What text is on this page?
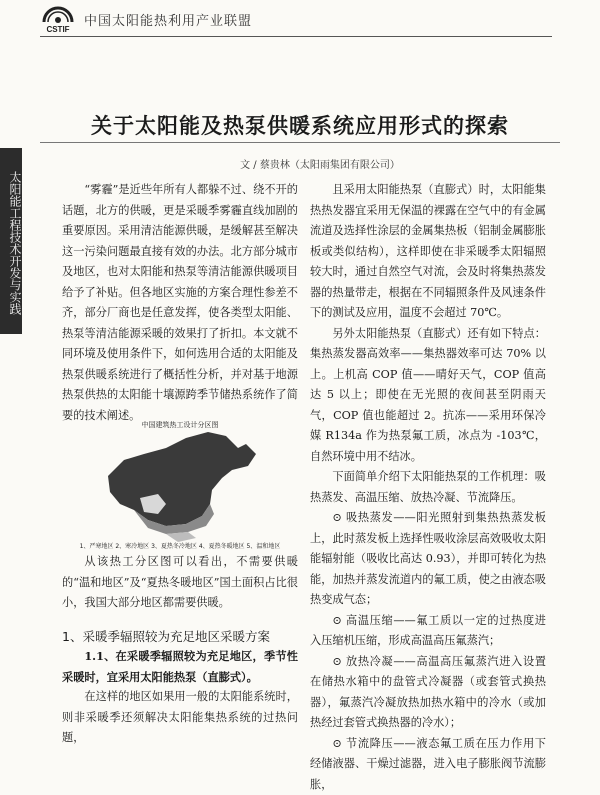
CSTIF
中国太阳能热利用产业联盟
太阳能工程技术开发与实践
关于太阳能及热泵供暖系统应用形式的探索
文 / 蔡贵林（太阳雨集团有限公司）

“雾霾”是近些年所有人都躲不过、绕不开的话题，北方的供暖，更是采暖季雾霾直线加剧的重要原因。采用清洁能源供暖，是缓解甚至解决这一污染问题最直接有效的办法。北方部分城市及地区，也对太阳能和热泵等清洁能源供暖项目给予了补贴。但各地区实施的方案合理性参差不齐，部分厂商也是任意发挥，使各类型太阳能、热泵等清洁能源采暖的效果打了折扣。本文就不同环境及使用条件下，如何选用合适的太阳能及热泵供暖系统进行了概括性分析，并对基于地源热泵供热的太阳能十壤源跨季节储热系统作了简要的技术阐述。

中国建筑热工设计分区图
1、严寒地区 2、寒冷地区 3、夏热冬冷地区 4、夏热冬暖地区 5、温和地区

从该热工分区图可以看出，不需要供暖的“温和地区”及“夏热冬暖地区”国土面积占比很小，我国大部分地区都需要供暖。

1、采暖季辐照较为充足地区采暖方案

1.1、在采暖季辐照较为充足地区，季节性采暖时，宜采用太阳能热泵（直膨式）。

在这样的地区如果用一般的太阳能系统时，则非采暖季还须解决太阳能集热系统的过热问题，

且采用太阳能热泵（直膨式）时，太阳能集热热发器宜采用无保温的裸露在空气中的有金属流道及选择性涂层的金属集热板（铝制金属膨胀板或类似结构），这样即使在非采暖季太阳辐照较大时，通过自然空气对流，会及时将集热蒸发器的热量带走，根据在不同辐照条件及风速条件下的测试及应用，温度不会超过 70℃。

另外太阳能热泵（直膨式）还有如下特点：集热蒸发器高效率——集热器效率可达 70% 以上。上机高 COP 值——晴好天气，COP 值高达 5 以上；即使在无光照的夜间甚至阴雨天气，COP 值也能超过 2。抗冻——采用环保冷媒 R134a 作为热泵氟工质，冰点为 -103℃，自然环境中用不结冰。

下面简单介绍下太阳能热泵的工作机理：吸热蒸发、高温压缩、放热冷凝、节流降压。

⊙ 吸热蒸发——阳光照射到集热热蒸发板上，此时蒸发板上选择性吸收涂层高效吸收太阳能辐射能（吸收比高达 0.93），并即可转化为热能，加热并蒸发流道内的氟工质，使之由液态吸热变成气态；

⊙ 高温压缩——氟工质以一定的过热度进入压缩机压缩，形成高温高压氟蒸汽；

⊙ 放热冷凝——高温高压氟蒸汽进入设置在储热水箱中的盘管式冷凝器（或套管式换热器），氟蒸汽冷凝放热加热水箱中的冷水（或加热经过套管式换热器的冷水）；

⊙ 节流降压——液态氟工质在压力作用下经储液器、干燥过滤器，进入电子膨胀阀节流膨胀，
